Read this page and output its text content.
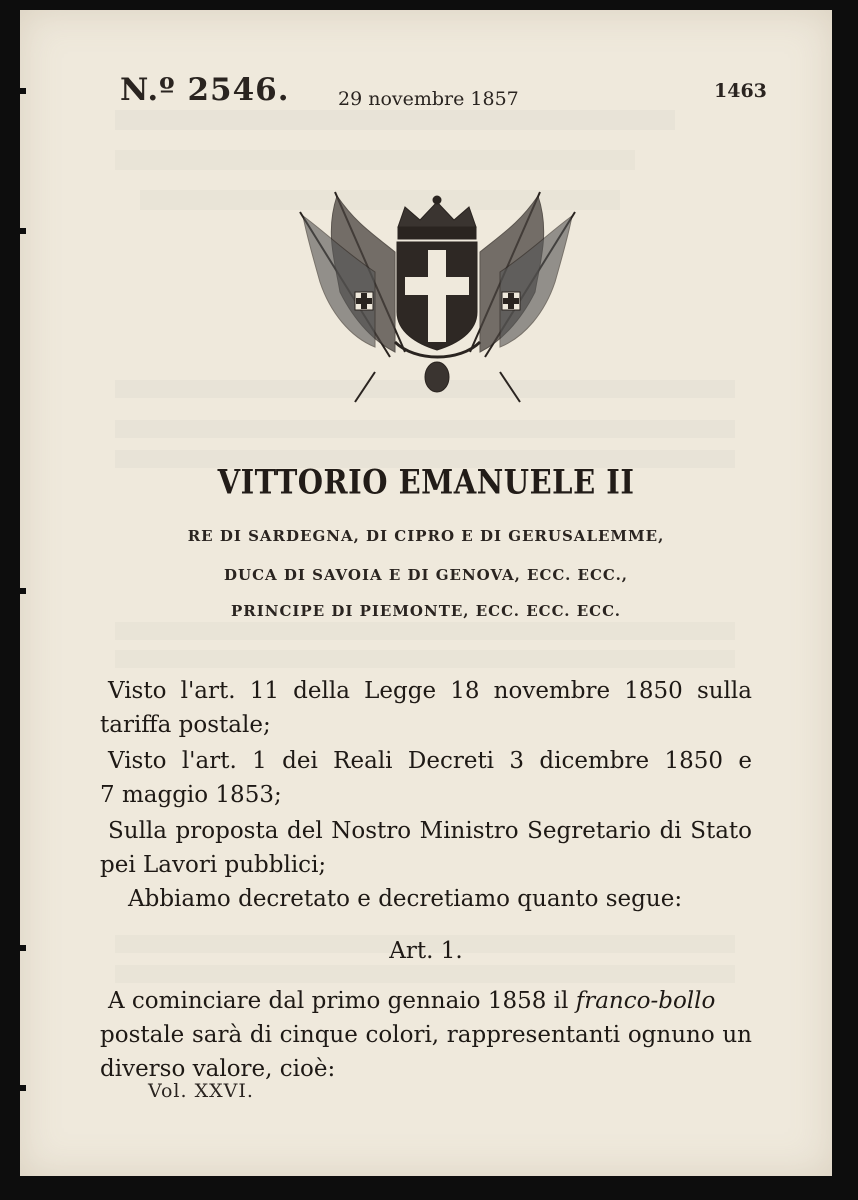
N.º 2546.	29 novembre 1857	1463
VITTORIO EMANUELE II
RE DI SARDEGNA, DI CIPRO E DI GERUSALEMME,
DUCA DI SAVOIA E DI GENOVA, ECC. ECC.,
PRINCIPE DI PIEMONTE, ECC. ECC. ECC.
Visto l'art. 11 della Legge 18 novembre 1850 sulla
tariffa postale;
Visto l'art. 1 dei Reali Decreti 3 dicembre 1850 e
7 maggio 1853;
Sulla proposta del Nostro Ministro Segretario di Stato
pei Lavori pubblici;
Abbiamo decretato e decretiamo quanto segue:
Art. 1.
A cominciare dal primo gennaio 1858 il franco-bollo
postale sarà di cinque colori, rappresentanti ognuno un
diverso valore, cioè:
Vol. XXVI.
